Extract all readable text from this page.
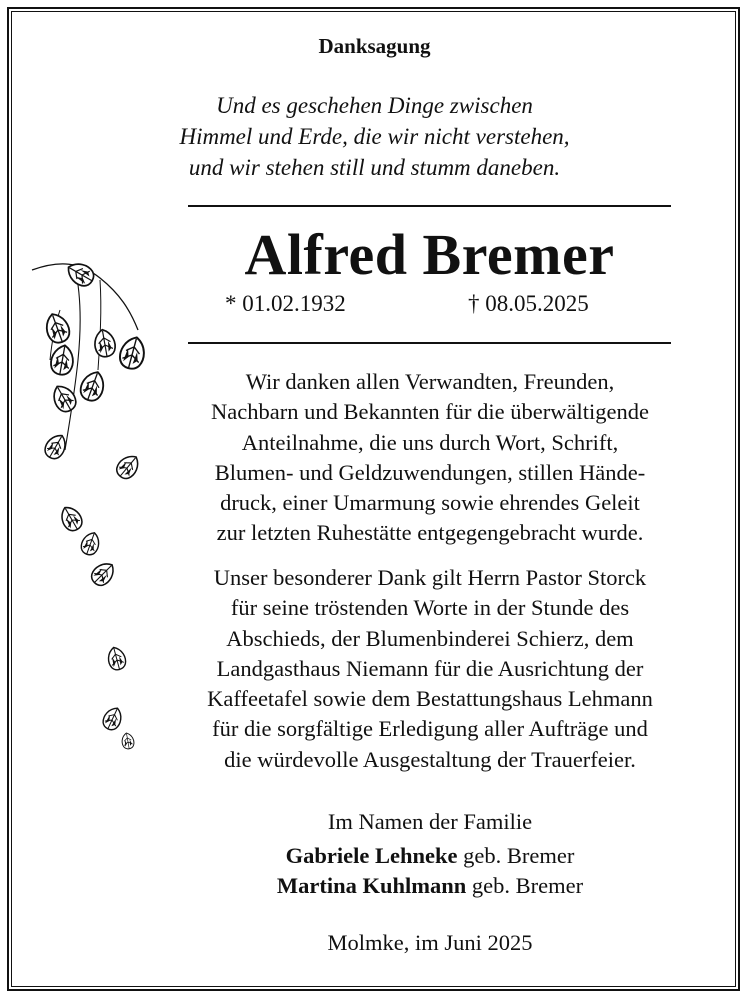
Danksagung
Und es geschehen Dinge zwischen
Himmel und Erde, die wir nicht verstehen,
und wir stehen still und stumm daneben.
Alfred Bremer
* 01.02.1932	† 08.05.2025
Wir danken allen Verwandten, Freunden,
Nachbarn und Bekannten für die überwältigende
Anteilnahme, die uns durch Wort, Schrift,
Blumen- und Geldzuwendungen, stillen Hände-
druck, einer Umarmung sowie ehrendes Geleit
zur letzten Ruhestätte entgegengebracht wurde.
Unser besonderer Dank gilt Herrn Pastor Storck
für seine tröstenden Worte in der Stunde des
Abschieds, der Blumenbinderei Schierz, dem
Landgasthaus Niemann für die Ausrichtung der
Kaffeetafel sowie dem Bestattungshaus Lehmann
für die sorgfältige Erledigung aller Aufträge und
die würdevolle Ausgestaltung der Trauerfeier.
Im Namen der Familie
Gabriele Lehneke geb. Bremer
Martina Kuhlmann geb. Bremer
Molmke, im Juni 2025
